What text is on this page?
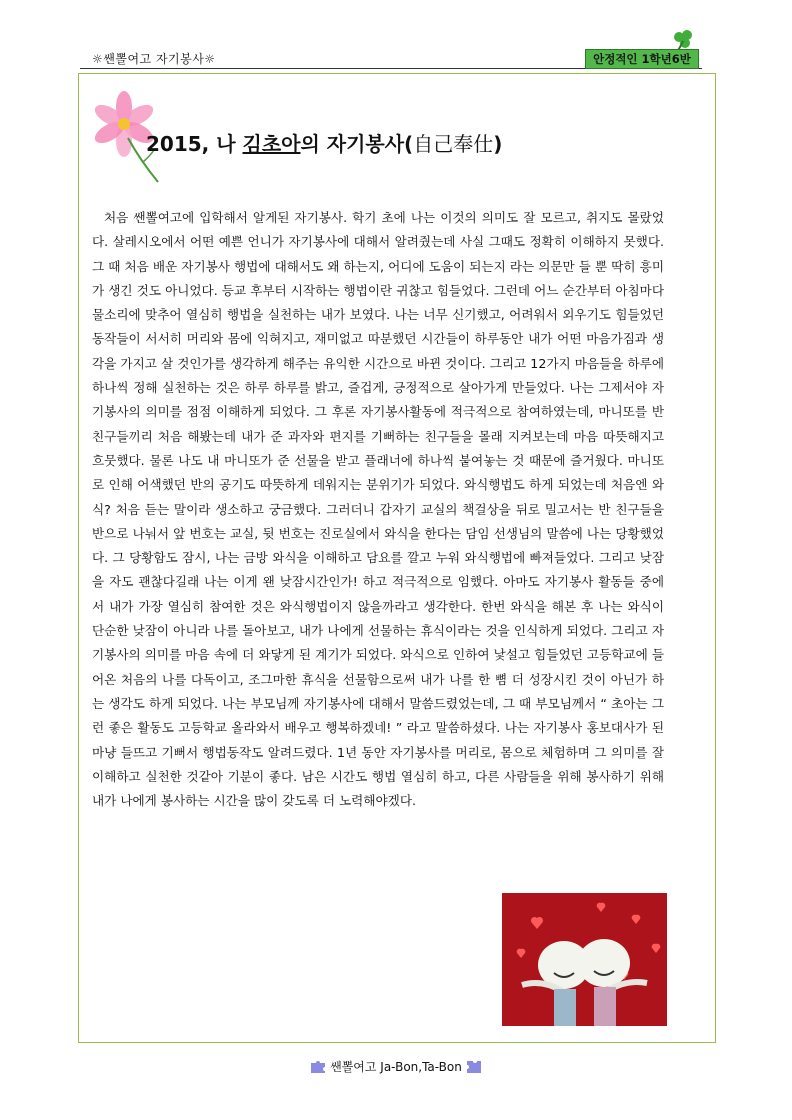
☼쌘뽈여고 자기봉사☼	안정적인 1학년6반
2015, 나 김초아의 자기봉사(自己奉仕)

처음 쌘뽈여고에 입학해서 알게된 자기봉사. 학기 초에 나는 이것의 의미도 잘 모르고, 취지도 몰랐었다. 살레시오에서 어떤 예쁜 언니가 자기봉사에 대해서 알려줬는데 사실 그때도 정확히 이해하지 못했다. 그 때 처음 배운 자기봉사 행법에 대해서도 왜 하는지, 어디에 도움이 되는지 라는 의문만 들 뿐 딱히 흥미가 생긴 것도 아니었다. 등교 후부터 시작하는 행법이란 귀찮고 힘들었다. 그런데 어느 순간부터 아침마다 물소리에 맞추어 열심히 행법을 실천하는 내가 보였다. 나는 너무 신기했고, 어려워서 외우기도 힘들었던 동작들이 서서히 머리와 몸에 익혀지고, 재미없고 따분했던 시간들이 하루동안 내가 어떤 마음가짐과 생각을 가지고 살 것인가를 생각하게 해주는 유익한 시간으로 바뀐 것이다. 그리고 12가지 마음들을 하루에 하나씩 정해 실천하는 것은 하루 하루를 밝고, 즐겁게, 긍정적으로 살아가게 만들었다. 나는 그제서야 자기봉사의 의미를 점점 이해하게 되었다. 그 후론 자기봉사활동에 적극적으로 참여하였는데, 마니또를 반 친구들끼리 처음 해봤는데 내가 준 과자와 편지를 기뻐하는 친구들을 몰래 지켜보는데 마음 따뜻해지고 흐뭇했다. 물론 나도 내 마니또가 준 선물을 받고 플래너에 하나씩 붙여놓는 것 때문에 즐거웠다. 마니또로 인해 어색했던 반의 공기도 따뜻하게 데워지는 분위기가 되었다. 와식행법도 하게 되었는데 처음엔 와식? 처음 듣는 말이라 생소하고 궁금했다. 그러더니 갑자기 교실의 책걸상을 뒤로 밀고서는 반 친구들을 반으로 나눠서 앞 번호는 교실, 뒷 번호는 진로실에서 와식을 한다는 담임 선생님의 말씀에 나는 당황했었다. 그 당황함도 잠시, 나는 금방 와식을 이해하고 담요를 깔고 누워 와식행법에 빠져들었다. 그리고 낮잠을 자도 괜찮다길래 나는 이게 왠 낮잠시간인가! 하고 적극적으로 임했다. 아마도 자기봉사 활동들 중에서 내가 가장 열심히 참여한 것은 와식행법이지 않을까라고 생각한다. 한번 와식을 해본 후 나는 와식이 단순한 낮잠이 아니라 나를 돌아보고, 내가 나에게 선물하는 휴식이라는 것을 인식하게 되었다. 그리고 자기봉사의 의미를 마음 속에 더 와닿게 된 계기가 되었다. 와식으로 인하여 낯설고 힘들었던 고등학교에 들어온 처음의 나를 다독이고, 조그마한 휴식을 선물함으로써 내가 나를 한 뼘 더 성장시킨 것이 아닌가 하는 생각도 하게 되었다. 나는 부모님께 자기봉사에 대해서 말씀드렸었는데, 그 때 부모님께서 “ 초아는 그런 좋은 활동도 고등학교 올라와서 배우고 행복하겠네! ” 라고 말씀하셨다. 나는 자기봉사 홍보대사가 된 마냥 들뜨고 기뻐서 행법동작도 알려드렸다. 1년 동안 자기봉사를 머리로, 몸으로 체험하며 그 의미를 잘 이해하고 실천한 것같아 기분이 좋다. 남은 시간도 행법 열심히 하고, 다른 사람들을 위해 봉사하기 위해 내가 나에게 봉사하는 시간을 많이 갖도록 더 노력해야겠다.

쌘뽈여고 Ja-Bon,Ta-Bon
